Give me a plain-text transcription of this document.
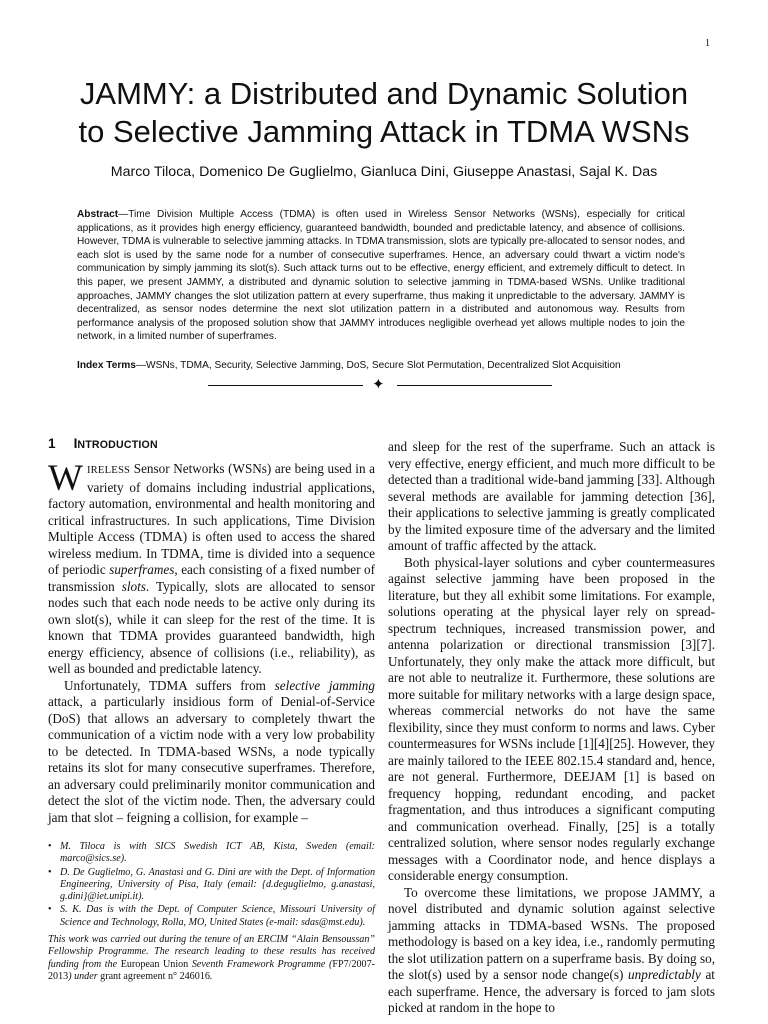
1
JAMMY: a Distributed and Dynamic Solution
to Selective Jamming Attack in TDMA WSNs
Marco Tiloca, Domenico De Guglielmo, Gianluca Dini, Giuseppe Anastasi, Sajal K. Das
Abstract—Time Division Multiple Access (TDMA) is often used in Wireless Sensor Networks (WSNs), especially for critical applications, as it provides high energy efficiency, guaranteed bandwidth, bounded and predictable latency, and absence of collisions. However, TDMA is vulnerable to selective jamming attacks. In TDMA transmission, slots are typically pre-allocated to sensor nodes, and each slot is used by the same node for a number of consecutive superframes. Hence, an adversary could thwart a victim node's communication by simply jamming its slot(s). Such attack turns out to be effective, energy efficient, and extremely difficult to detect. In this paper, we present JAMMY, a distributed and dynamic solution to selective jamming in TDMA-based WSNs. Unlike traditional approaches, JAMMY changes the slot utilization pattern at every superframe, thus making it unpredictable to the adversary. JAMMY is decentralized, as sensor nodes determine the next slot utilization pattern in a distributed and autonomous way. Results from performance analysis of the proposed solution show that JAMMY introduces negligible overhead yet allows multiple nodes to join the network, in a limited number of superframes.
Index Terms—WSNs, TDMA, Security, Selective Jamming, DoS, Secure Slot Permutation, Decentralized Slot Acquisition
✦
1 INTRODUCTION

WIRELESS Sensor Networks (WSNs) are being used in a variety of domains including industrial applications, factory automation, environmental and health monitoring and critical infrastructures. In such applications, Time Division Multiple Access (TDMA) is often used to access the shared wireless medium. In TDMA, time is divided into a sequence of periodic superframes, each consisting of a fixed number of transmission slots. Typically, slots are allocated to sensor nodes such that each node needs to be active only during its own slot(s), while it can sleep for the rest of the time. It is known that TDMA provides guaranteed bandwidth, high energy efficiency, absence of collisions (i.e., reliability), as well as bounded and predictable latency.

Unfortunately, TDMA suffers from selective jamming attack, a particularly insidious form of Denial-of-Service (DoS) that allows an adversary to completely thwart the communication of a victim node with a very low probability to be detected. In TDMA-based WSNs, a node typically retains its slot for many consecutive superframes. Therefore, an adversary could preliminarily monitor communication and detect the slot of the victim node. Then, the adversary could jam that slot – feigning a collision, for example –

• M. Tiloca is with SICS Swedish ICT AB, Kista, Sweden (email: marco@sics.se).
• D. De Guglielmo, G. Anastasi and G. Dini are with the Dept. of Information Engineering, University of Pisa, Italy (email: {d.deguglielmo, g.anastasi, g.dini}@iet.unipi.it).
• S. K. Das is with the Dept. of Computer Science, Missouri University of Science and Technology, Rolla, MO, United States (e-mail: sdas@mst.edu).
This work was carried out during the tenure of an ERCIM “Alain Bensoussan” Fellowship Programme. The research leading to these results has received funding from the European Union Seventh Framework Programme (FP7/2007-2013) under grant agreement n° 246016.

and sleep for the rest of the superframe. Such an attack is very effective, energy efficient, and much more difficult to be detected than a traditional wide-band jamming [33]. Although several methods are available for jamming detection [36], their applications to selective jamming is greatly complicated by the limited exposure time of the adversary and the limited amount of traffic affected by the attack.

Both physical-layer solutions and cyber countermeasures against selective jamming have been proposed in the literature, but they all exhibit some limitations. For example, solutions operating at the physical layer rely on spread-spectrum techniques, increased transmission power, and antenna polarization or directional transmission [3][7]. Unfortunately, they only make the attack more difficult, but are not able to neutralize it. Furthermore, these solutions are more suitable for military networks with a large design space, whereas commercial networks do not have the same flexibility, since they must conform to norms and laws. Cyber countermeasures for WSNs include [1][4][25]. However, they are mainly tailored to the IEEE 802.15.4 standard and, hence, are not general. Furthermore, DEEJAM [1] is based on frequency hopping, redundant encoding, and packet fragmentation, and thus introduces a significant computing and communication overhead. Finally, [25] is a totally centralized solution, where sensor nodes regularly exchange messages with a Coordinator node, and hence displays a considerable energy consumption.

To overcome these limitations, we propose JAMMY, a novel distributed and dynamic solution against selective jamming attacks in TDMA-based WSNs. The proposed methodology is based on a key idea, i.e., randomly permuting the slot utilization pattern on a superframe basis. By doing so, the slot(s) used by a sensor node change(s) unpredictably at each superframe. Hence, the adversary is forced to jam slots picked at random in the hope to
